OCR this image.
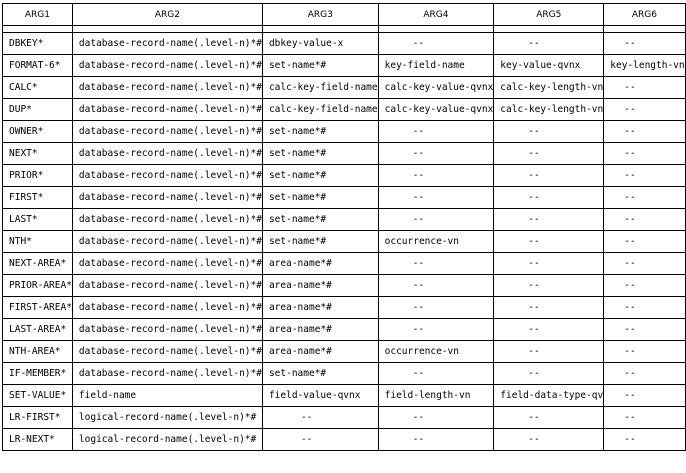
ARG1	ARG2	ARG3	ARG4	ARG5	ARG6

DBKEY*	database-record-name(.level-n)*#	dbkey-value-x	--	--	--
FORMAT-6*	database-record-name(.level-n)*#	set-name*#	key-field-name	key-value-qvnx	key-length-vn
CALC*	database-record-name(.level-n)*#	calc-key-field-name	calc-key-value-qvnx	calc-key-length-vn	--
DUP*	database-record-name(.level-n)*#	calc-key-field-name	calc-key-value-qvnx	calc-key-length-vn	--
OWNER*	database-record-name(.level-n)*#	set-name*#	--	--	--
NEXT*	database-record-name(.level-n)*#	set-name*#	--	--	--
PRIOR*	database-record-name(.level-n)*#	set-name*#	--	--	--
FIRST*	database-record-name(.level-n)*#	set-name*#	--	--	--
LAST*	database-record-name(.level-n)*#	set-name*#	--	--	--
NTH*	database-record-name(.level-n)*#	set-name*#	occurrence-vn	--	--
NEXT-AREA*	database-record-name(.level-n)*#	area-name*#	--	--	--
PRIOR-AREA*	database-record-name(.level-n)*#	area-name*#	--	--	--
FIRST-AREA*	database-record-name(.level-n)*#	area-name*#	--	--	--
LAST-AREA*	database-record-name(.level-n)*#	area-name*#	--	--	--
NTH-AREA*	database-record-name(.level-n)*#	area-name*#	occurrence-vn	--	--
IF-MEMBER*	database-record-name(.level-n)*#	set-name*#	--	--	--
SET-VALUE*	field-name	field-value-qvnx	field-length-vn	field-data-type-qv	--
LR-FIRST*	logical-record-name(.level-n)*#	--	--	--	--
LR-NEXT*	logical-record-name(.level-n)*#	--	--	--	--
